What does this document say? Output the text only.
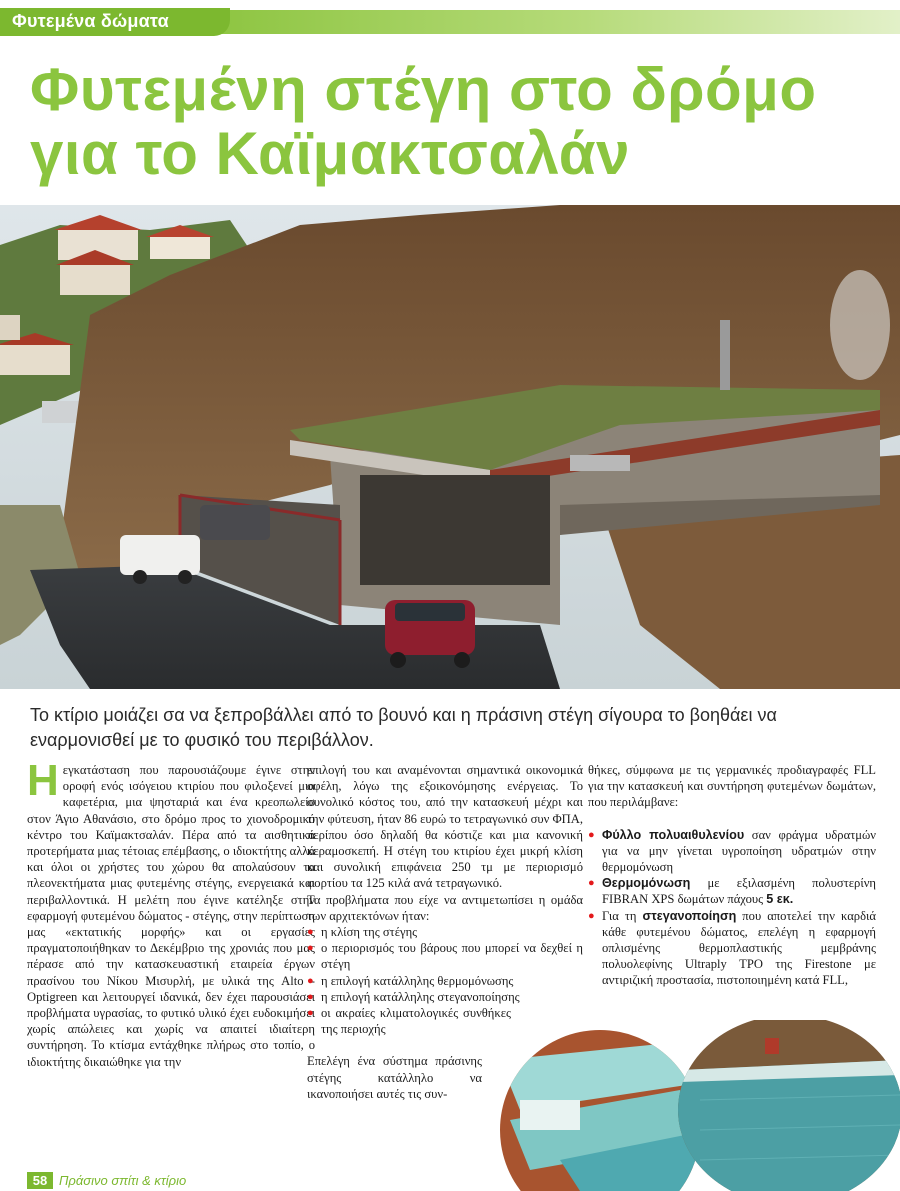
Φυτεμένα δώματα
Φυτεμένη στέγη στο δρόμο
για το Καϊμακτσαλάν

Το κτίριο μοιάζει σα να ξεπροβάλλει από το βουνό και η πράσινη στέγη σίγουρα το βοηθάει να εναρμονισθεί με το φυσικό του περιβάλλον.

Η εγκατάσταση που παρουσιάζουμε έγινε στην οροφή ενός ισόγειου κτιρίου που φιλοξενεί μια καφετέρια, μια ψησταριά και ένα κρεοπωλείο στον Άγιο Αθανάσιο, στο δρόμο προς το χιονοδρομικό κέντρο του Καϊμακτσαλάν. Πέρα από τα αισθητικά προτερήματα μιας τέτοιας επέμβασης, ο ιδιοκτήτης αλλά και όλοι οι χρήστες του χώρου θα απολαύσουν τα πλεονεκτήματα μιας φυτεμένης στέγης, ενεργειακά και περιβαλλοντικά. Η μελέτη που έγινε κατέληξε στην εφαρμογή φυτεμένου δώματος - στέγης, στην περίπτωση μας «εκτατικής μορφής» και οι εργασίες πραγματοποιήθηκαν το Δεκέμβριο της χρονιάς που μας πέρασε από την κατασκευαστική εταιρεία έργων πρασίνου του Νίκου Μισυρλή, με υλικά της Alto - Optigreen και λειτουργεί ιδανικά, δεν έχει παρουσιάσει προβλήματα υγρασίας, το φυτικό υλικό έχει ευδοκιμήσει χωρίς απώλειες και χωρίς να απαιτεί ιδιαίτερη συντήρηση. Το κτίσμα εντάχθηκε πλήρως στο τοπίο, ο ιδιοκτήτης δικαιώθηκε για την

επιλογή του και αναμένονται σημαντικά οικονομικά οφέλη, λόγω της εξοικονόμησης ενέργειας. Το συνολικό κόστος του, από την κατασκευή μέχρι και την φύτευση, ήταν 86 ευρώ το τετραγωνικό συν ΦΠΑ, περίπου όσο δηλαδή θα κόστιζε και μια κανονική κεραμοσκεπή. Η στέγη του κτιρίου έχει μικρή κλίση και συνολική επιφάνεια 250 τμ με περιορισμό φορτίου τα 125 κιλά ανά τετραγωνικό.

Τα προβλήματα που είχε να αντιμετωπίσει η ομάδα των αρχιτεκτόνων ήταν:

● η κλίση της στέγης
● ο περιορισμός του βάρους που μπορεί να δεχθεί η στέγη
● η επιλογή κατάλληλης θερμομόνωσης
● η επιλογή κατάλληλης στεγανοποίησης
● οι ακραίες κλιματολογικές συνθήκες της περιοχής

Επελέγη ένα σύστημα πράσινης στέγης κατάλληλο να ικανοποιήσει αυτές τις συν-

θήκες, σύμφωνα με τις γερμανικές προδιαγραφές FLL για την κατασκευή και συντήρηση φυτεμένων δωμάτων, που περιλάμβανε:

● Φύλλο πολυαιθυλενίου σαν φράγμα υδρατμών για να μην γίνεται υγροποίηση υδρατμών στην θερμομόνωση
● Θερμομόνωση με εξιλασμένη πολυστερίνη FIBRAN XPS δωμάτων πάχους 5 εκ.
● Για τη στεγανοποίηση που αποτελεί την καρδιά κάθε φυτεμένου δώματος, επελέγη η εφαρμογή οπλισμένης θερμοπλαστικής μεμβράνης πολυολεφίνης Ultraply TPO της Firestone με αντιριζική προστασία, πιστοποιημένη κατά FLL,
58 Πράσινο σπίτι & κτίριο
